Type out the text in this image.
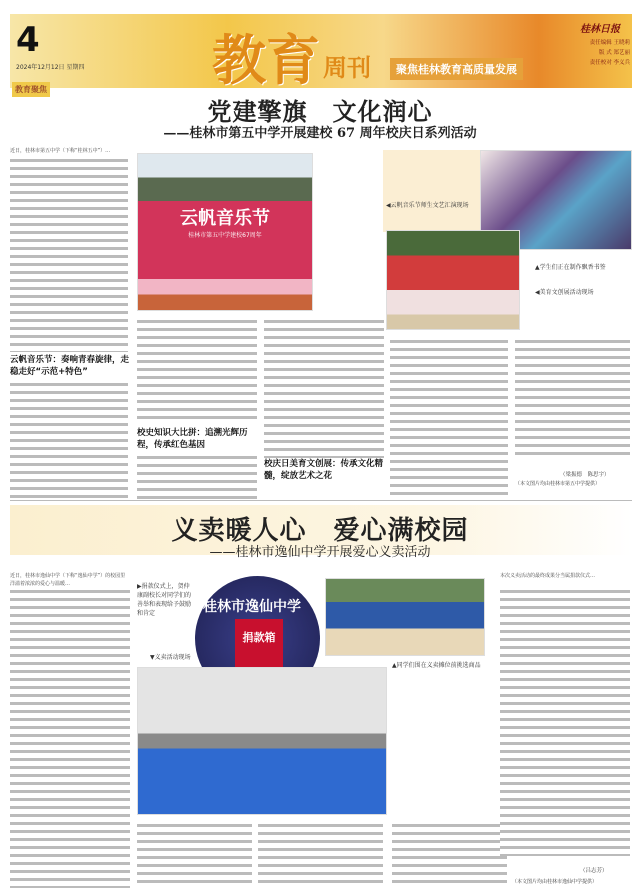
4
2024年12月12日 星期四 教育 周刊	聚焦桂林教育高质量发展
桂林日报
责任编辑 王晓莉
版 式 郑艺丽
责任校对 李义兵
教育聚焦
党建擎旗　文化润心
——桂林市第五中学开展建校 67 周年校庆日系列活动
近日，桂林市第五中学（下称“桂林五中”）…
云帆音乐节：奏响青春旋律，走稳走好“示范+特色”
云帆音乐节
桂林市第五中学建校67周年
◀云帆音乐节师生文艺汇演现场
▲学生们正在制作飘香书签
◀美育文创展活动现场
校史知识大比拼：追溯光辉历程，传承红色基因
校庆日美育文创展：传承文化精髓，绽放艺术之花	（梁振德　陈思宇）
（本文图片均由桂林市第五中学提供）
义卖暖人心　爱心满校园
——桂林市逸仙中学开展爱心义卖活动
近日，桂林市逸仙中学（下称“逸仙中学”）的校园里洋溢着浓浓的爱心与温暖…
桂林市逸仙中学
捐款箱
▶捐款仪式上，贺仲康副校长对同学们的善举和表现给予鼓励和肯定
▼义卖活动现场
▲同学们围在义卖摊位前挑选商品
本次义卖活动的最终成果分当属捐款仪式…
（吕志芳）
（本文图片均由桂林市逸仙中学提供）
